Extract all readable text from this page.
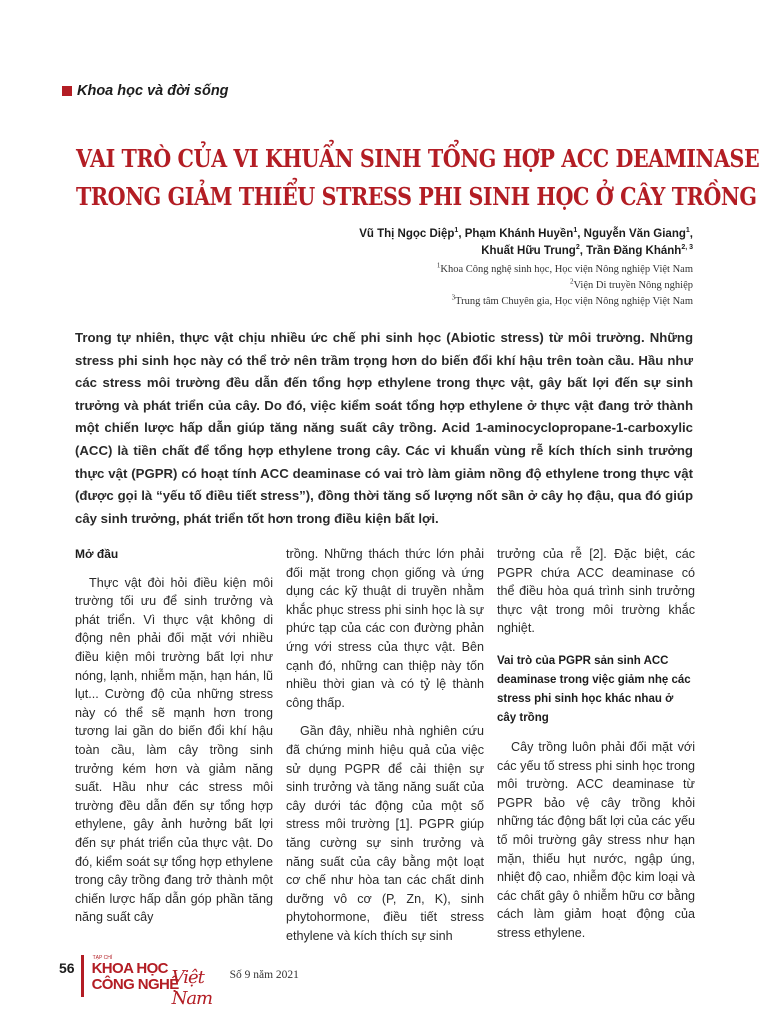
Khoa học và đời sống
VAI TRÒ CỦA VI KHUẨN SINH TỔNG HỢP ACC DEAMINASE
TRONG GIẢM THIỂU STRESS PHI SINH HỌC Ở CÂY TRỒNG
Vũ Thị Ngọc Diệp$^1$, Phạm Khánh Huyền$^1$, Nguyễn Văn Giang$^1$,
Khuất Hữu Trung$^2$, Trần Đăng Khánh$^{2, 3}$
$^1$Khoa Công nghệ sinh học, Học viện Nông nghiệp Việt Nam
$^2$Viện Di truyền Nông nghiệp
$^3$Trung tâm Chuyên gia, Học viện Nông nghiệp Việt Nam
Trong tự nhiên, thực vật chịu nhiều ức chế phi sinh học (Abiotic stress) từ môi trường. Những stress phi sinh học này có thể trở nên trầm trọng hơn do biến đổi khí hậu trên toàn cầu. Hầu như các stress môi trường đều dẫn đến tổng hợp ethylene trong thực vật, gây bất lợi đến sự sinh trưởng và phát triển của cây. Do đó, việc kiểm soát tổng hợp ethylene ở thực vật đang trở thành một chiến lược hấp dẫn giúp tăng năng suất cây trồng. Acid 1-aminocyclopropane-1-carboxylic (ACC) là tiền chất để tổng hợp ethylene trong cây. Các vi khuẩn vùng rễ kích thích sinh trưởng thực vật (PGPR) có hoạt tính ACC deaminase có vai trò làm giảm nồng độ ethylene trong thực vật (được gọi là “yếu tố điều tiết stress”), đồng thời tăng số lượng nốt sần ở cây họ đậu, qua đó giúp cây sinh trưởng, phát triển tốt hơn trong điều kiện bất lợi.
Mở đầu

Thực vật đòi hỏi điều kiện môi trường tối ưu để sinh trưởng và phát triển. Vì thực vật không di động nên phải đối mặt với nhiều điều kiện môi trường bất lợi như nóng, lạnh, nhiễm mặn, hạn hán, lũ lụt... Cường độ của những stress này có thể sẽ mạnh hơn trong tương lai gần do biến đổi khí hậu toàn cầu, làm cây trồng sinh trưởng kém hơn và giảm năng suất. Hầu như các stress môi trường đều dẫn đến sự tổng hợp ethylene, gây ảnh hưởng bất lợi đến sự phát triển của thực vật. Do đó, kiểm soát sự tổng hợp ethylene trong cây trồng đang trở thành một chiến lược hấp dẫn góp phần tăng năng suất cây

trồng. Những thách thức lớn phải đối mặt trong chọn giống và ứng dụng các kỹ thuật di truyền nhằm khắc phục stress phi sinh học là sự phức tạp của các con đường phản ứng với stress của thực vật. Bên cạnh đó, những can thiệp này tốn nhiều thời gian và có tỷ lệ thành công thấp.

Gần đây, nhiều nhà nghiên cứu đã chứng minh hiệu quả của việc sử dụng PGPR để cải thiện sự sinh trưởng và tăng năng suất của cây dưới tác động của một số stress môi trường [1]. PGPR giúp tăng cường sự sinh trưởng và năng suất của cây bằng một loạt cơ chế như hòa tan các chất dinh dưỡng vô cơ (P, Zn, K), sinh phytohormone, điều tiết stress ethylene và kích thích sự sinh

trưởng của rễ [2]. Đặc biệt, các PGPR chứa ACC deaminase có thể điều hòa quá trình sinh trưởng thực vật trong môi trường khắc nghiệt.

Vai trò của PGPR sản sinh ACC deaminase trong việc giảm nhẹ các stress phi sinh học khác nhau ở cây trồng

Cây trồng luôn phải đối mặt với các yếu tố stress phi sinh học trong môi trường. ACC deaminase từ PGPR bảo vệ cây trồng khỏi những tác động bất lợi của các yếu tố môi trường gây stress như hạn mặn, thiếu hụt nước, ngập úng, nhiệt độ cao, nhiễm độc kim loại và các chất gây ô nhiễm hữu cơ bằng cách làm giảm hoạt động của stress ethylene.

56
TẠP CHÍ
KHOA HỌC
CÔNG NGHỆ
Việt Nam
Số 9 năm 2021
